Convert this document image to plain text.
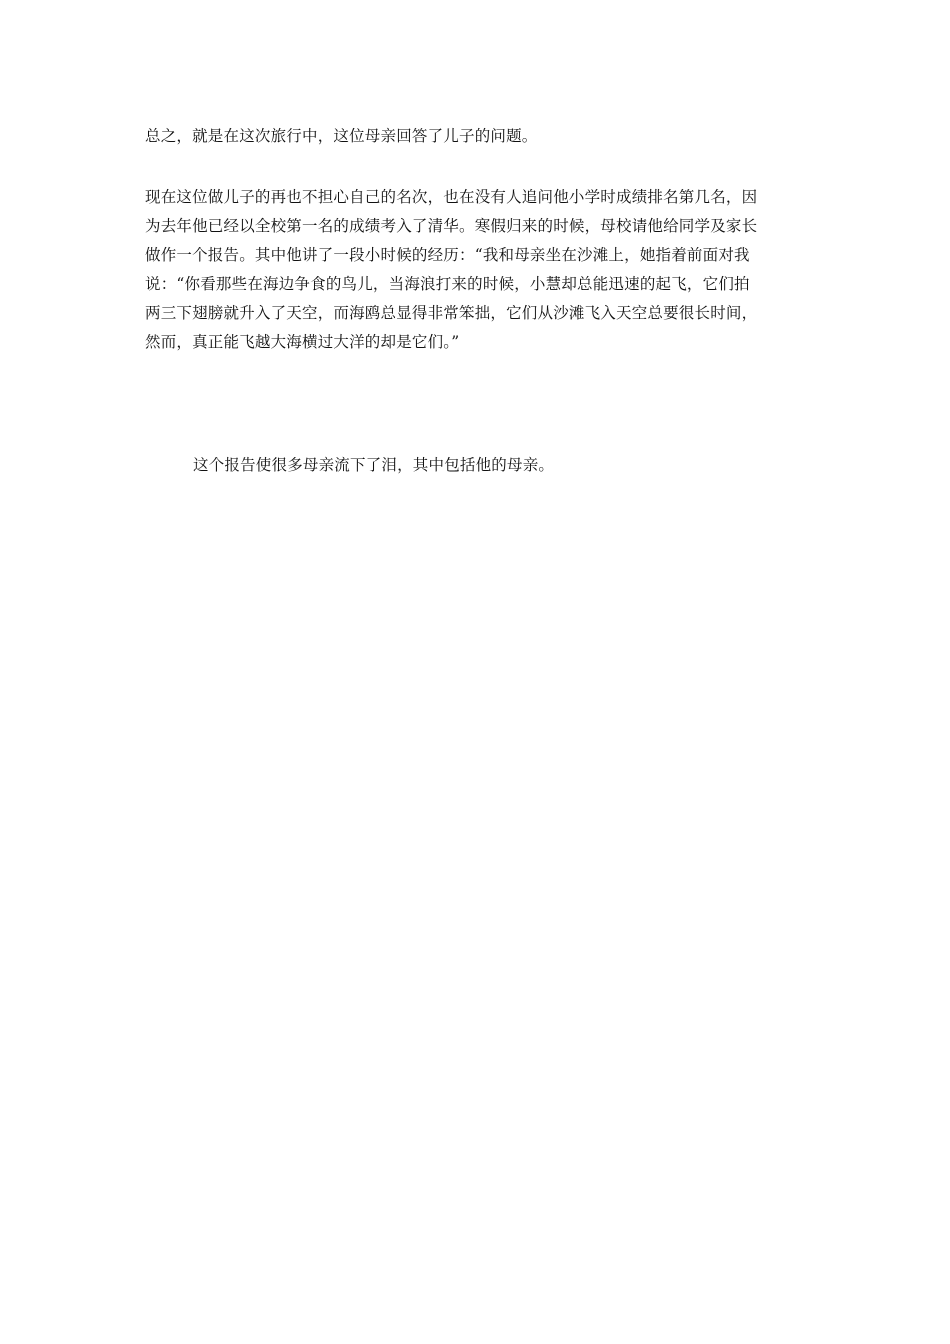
总之，就是在这次旅行中，这位母亲回答了儿子的问题。

现在这位做儿子的再也不担心自己的名次，也在没有人追问他小学时成绩排名第几名，因
为去年他已经以全校第一名的成绩考入了清华。寒假归来的时候，母校请他给同学及家长
做作一个报告。其中他讲了一段小时候的经历：“我和母亲坐在沙滩上，她指着前面对我
说：“你看那些在海边争食的鸟儿，当海浪打来的时候，小慧却总能迅速的起飞，它们拍
两三下翅膀就升入了天空，而海鸥总显得非常笨拙，它们从沙滩飞入天空总要很长时间，
然而，真正能飞越大海横过大洋的却是它们。”

这个报告使很多母亲流下了泪，其中包括他的母亲。
